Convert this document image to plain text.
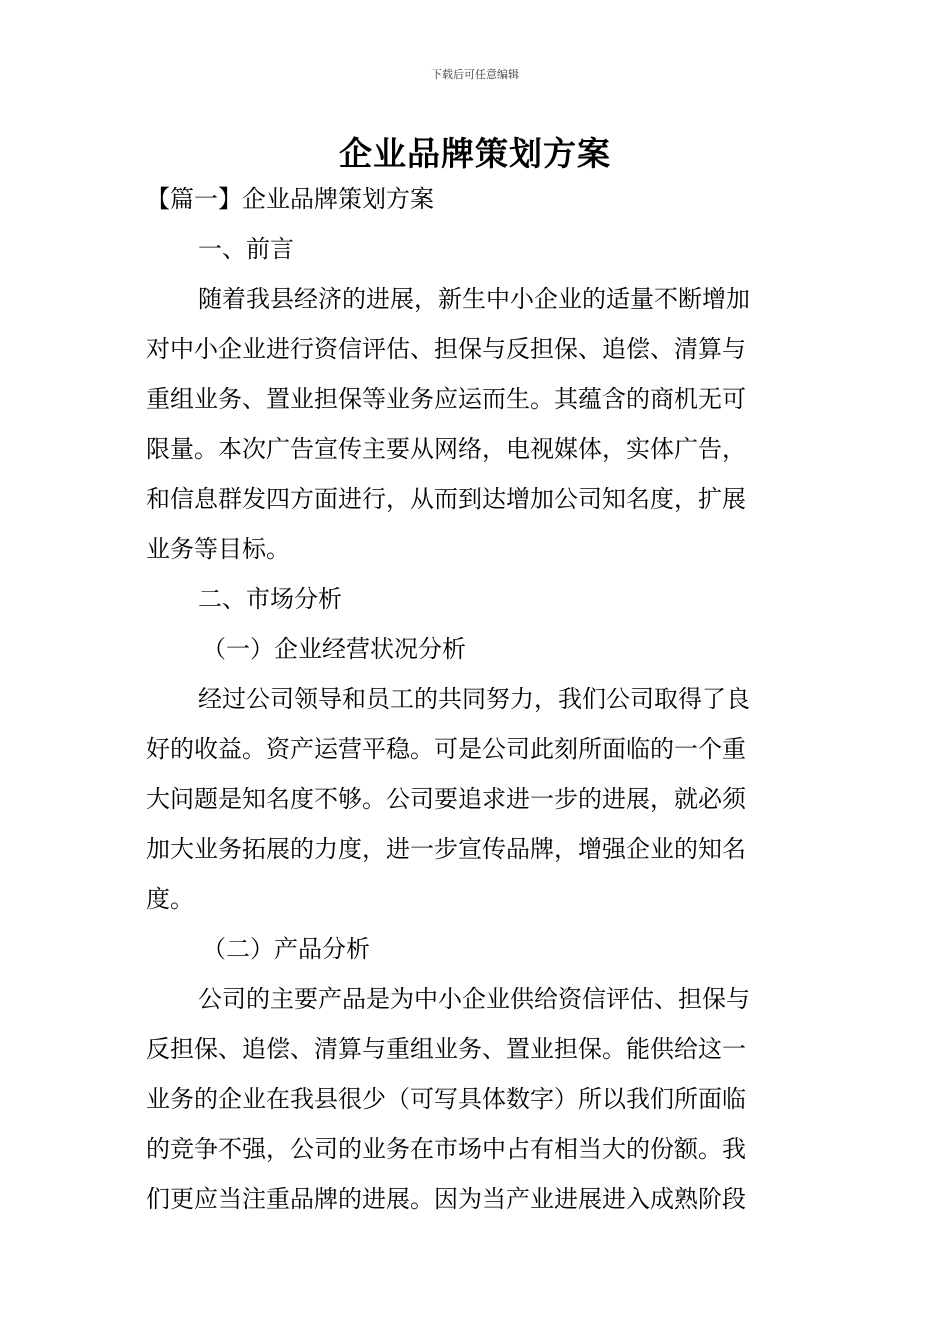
下载后可任意编辑
企业品牌策划方案
【篇一】企业品牌策划方案
一、前言
随着我县经济的进展，新生中小企业的适量不断增加
对中小企业进行资信评估、担保与反担保、追偿、清算与
重组业务、置业担保等业务应运而生。其蕴含的商机无可
限量。本次广告宣传主要从网络，电视媒体，实体广告，
和信息群发四方面进行，从而到达增加公司知名度，扩展
业务等目标。
二、市场分析
（一）企业经营状况分析
经过公司领导和员工的共同努力，我们公司取得了良
好的收益。资产运营平稳。可是公司此刻所面临的一个重
大问题是知名度不够。公司要追求进一步的进展，就必须
加大业务拓展的力度，进一步宣传品牌，增强企业的知名
度。
（二）产品分析
公司的主要产品是为中小企业供给资信评估、担保与
反担保、追偿、清算与重组业务、置业担保。能供给这一
业务的企业在我县很少（可写具体数字）所以我们所面临
的竞争不强，公司的业务在市场中占有相当大的份额。我
们更应当注重品牌的进展。因为当产业进展进入成熟阶段
